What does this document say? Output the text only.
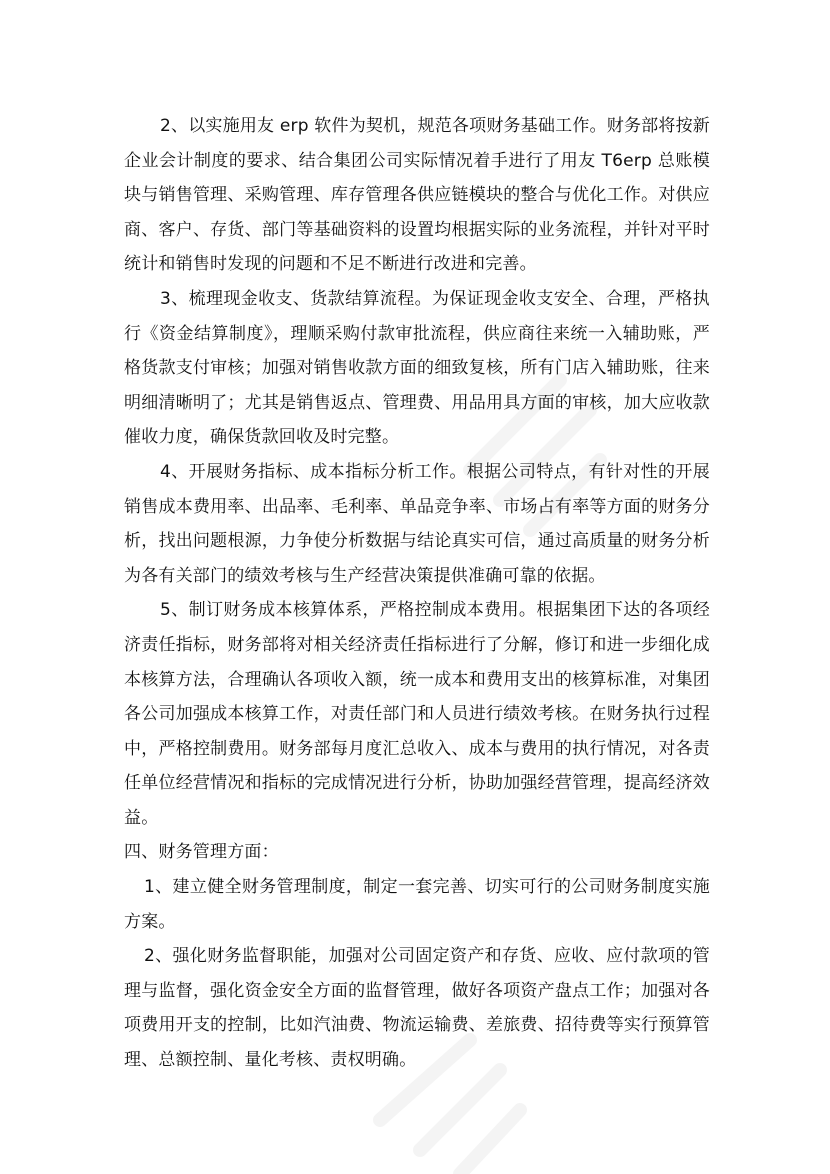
2、以实施用友 erp 软件为契机，规范各项财务基础工作。财务部将按新企业会计制度的要求、结合集团公司实际情况着手进行了用友 T6erp 总账模块与销售管理、采购管理、库存管理各供应链模块的整合与优化工作。对供应商、客户、存货、部门等基础资料的设置均根据实际的业务流程，并针对平时统计和销售时发现的问题和不足不断进行改进和完善。

3、梳理现金收支、货款结算流程。为保证现金收支安全、合理，严格执行《资金结算制度》，理顺采购付款审批流程，供应商往来统一入辅助账，严格货款支付审核；加强对销售收款方面的细致复核，所有门店入辅助账，往来明细清晰明了；尤其是销售返点、管理费、用品用具方面的审核，加大应收款催收力度，确保货款回收及时完整。

4、开展财务指标、成本指标分析工作。根据公司特点，有针对性的开展销售成本费用率、出品率、毛利率、单品竞争率、市场占有率等方面的财务分析，找出问题根源，力争使分析数据与结论真实可信，通过高质量的财务分析为各有关部门的绩效考核与生产经营决策提供准确可靠的依据。

5、制订财务成本核算体系，严格控制成本费用。根据集团下达的各项经济责任指标，财务部将对相关经济责任指标进行了分解，修订和进一步细化成本核算方法，合理确认各项收入额，统一成本和费用支出的核算标准，对集团各公司加强成本核算工作，对责任部门和人员进行绩效考核。在财务执行过程中，严格控制费用。财务部每月度汇总收入、成本与费用的执行情况，对各责任单位经营情况和指标的完成情况进行分析，协助加强经营管理，提高经济效益。

四、财务管理方面：

1、建立健全财务管理制度，制定一套完善、切实可行的公司财务制度实施方案。

2、强化财务监督职能，加强对公司固定资产和存货、应收、应付款项的管理与监督，强化资金安全方面的监督管理，做好各项资产盘点工作；加强对各项费用开支的控制，比如汽油费、物流运输费、差旅费、招待费等实行预算管理、总额控制、量化考核、责权明确。
